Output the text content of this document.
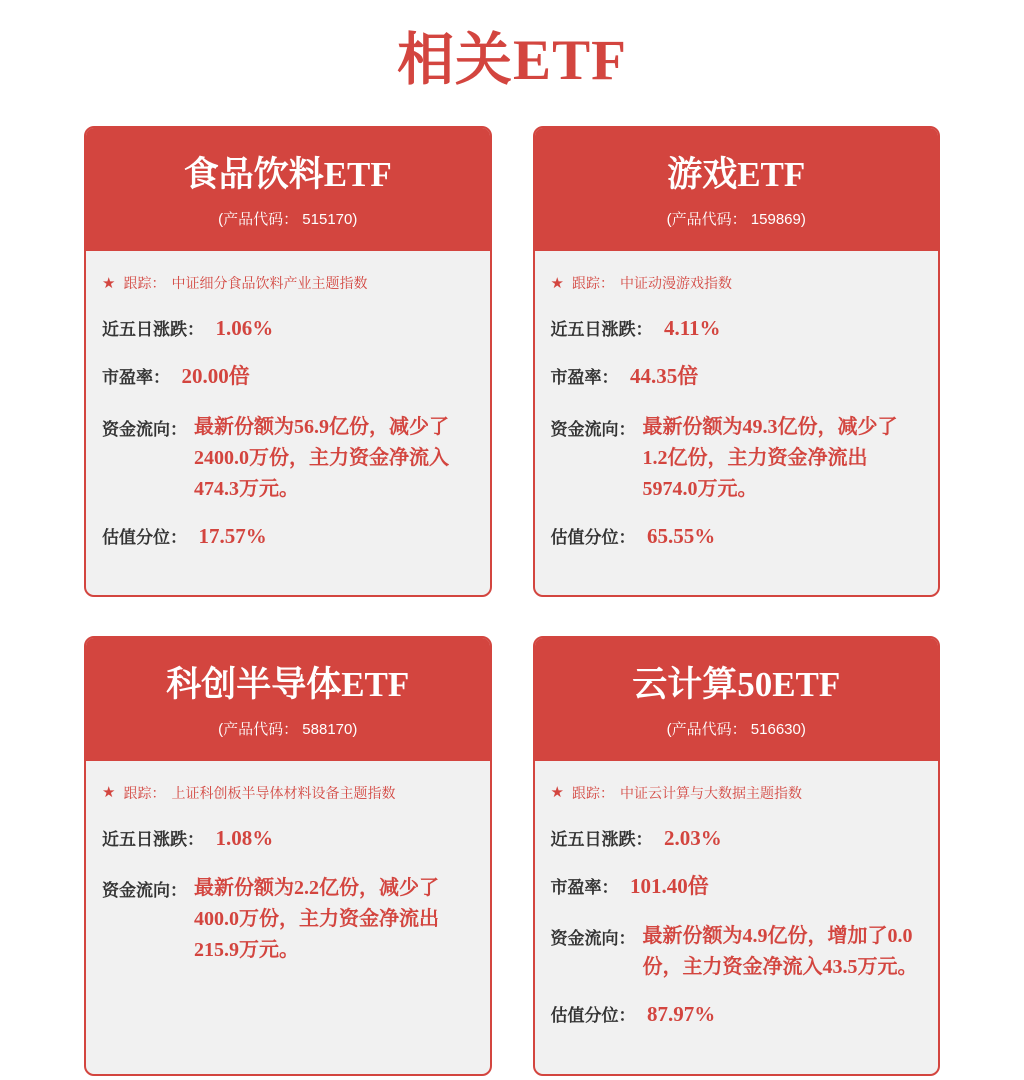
相关ETF
食品饮料ETF
(产品代码： 515170)
★ 跟踪： 中证细分食品饮料产业主题指数
近五日涨跌： 1.06%
市盈率： 20.00倍
资金流向： 最新份额为56.9亿份，减少了2400.0万份，主力资金净流入474.3万元。
估值分位： 17.57%
游戏ETF
(产品代码： 159869)
★ 跟踪： 中证动漫游戏指数
近五日涨跌： 4.11%
市盈率： 44.35倍
资金流向： 最新份额为49.3亿份，减少了1.2亿份，主力资金净流出5974.0万元。
估值分位： 65.55%
科创半导体ETF
(产品代码： 588170)
★ 跟踪： 上证科创板半导体材料设备主题指数
近五日涨跌： 1.08%
资金流向： 最新份额为2.2亿份，减少了400.0万份，主力资金净流出215.9万元。
云计算50ETF
(产品代码： 516630)
★ 跟踪： 中证云计算与大数据主题指数
近五日涨跌： 2.03%
市盈率： 101.40倍
资金流向： 最新份额为4.9亿份，增加了0.0份，主力资金净流入43.5万元。
估值分位： 87.97%
